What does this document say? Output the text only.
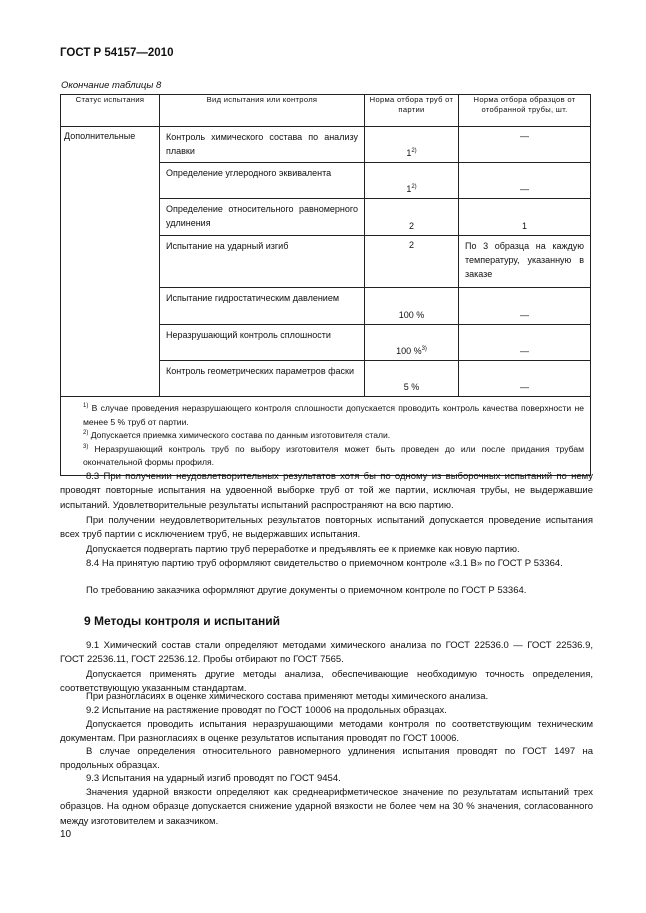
ГОСТ Р 54157—2010
Окончание таблицы 8
Статус испытания	Вид испытания или контроля	Норма отбора труб от партии	Норма отбора образцов от отобранной трубы, шт.
Дополнительные	Контроль химического состава по анализу плавки	1$^{2)}$	—
	Определение углеродного эквивалента	1$^{2)}$	—
	Определение относительного равномерного удлинения	2	1
	Испытание на ударный изгиб	2	По 3 образца на каждую температуру, указанную в заказе
	Испытание гидростатическим давлением	100 %	—
	Неразрушающий контроль сплошности	100 %$^{3)}$	—
	Контроль геометрических параметров фаски	5 %	—

$^{1)}$ В случае проведения неразрушающего контроля сплошности допускается проводить контроль качества поверхности не менее 5 % труб от партии.
$^{2)}$ Допускается приемка химического состава по данным изготовителя стали.
$^{3)}$ Неразрушающий контроль труб по выбору изготовителя может быть проведен до или после придания трубам окончательной формы профиля.			
8.3 При получении неудовлетворительных результатов хотя бы по одному из выборочных испытаний по нему проводят повторные испытания на удвоенной выборке труб от той же партии, исключая трубы, не выдержавшие испытаний. Удовлетворительные результаты испытаний распространяют на всю партию.
При получении неудовлетворительных результатов повторных испытаний допускается проведение испытания всех труб партии с исключением труб, не выдержавших испытания.
Допускается подвергать партию труб переработке и предъявлять ее к приемке как новую партию.
8.4 На принятую партию труб оформляют свидетельство о приемочном контроле «3.1 В» по ГОСТ Р 53364.
По требованию заказчика оформляют другие документы о приемочном контроле по ГОСТ Р 53364.
9 Методы контроля и испытаний
9.1 Химический состав стали определяют методами химического анализа по ГОСТ 22536.0 — ГОСТ 22536.9, ГОСТ 22536.11, ГОСТ 22536.12. Пробы отбирают по ГОСТ 7565.
Допускается применять другие методы анализа, обеспечивающие необходимую точность определения, соответствующую указанным стандартам.
При разногласиях в оценке химического состава применяют методы химического анализа.
9.2 Испытание на растяжение проводят по ГОСТ 10006 на продольных образцах.
Допускается проводить испытания неразрушающими методами контроля по соответствующим техническим документам. При разногласиях в оценке результатов испытания проводят по ГОСТ 10006.
В случае определения относительного равномерного удлинения испытания проводят по ГОСТ 1497 на продольных образцах.
9.3 Испытания на ударный изгиб проводят по ГОСТ 9454.
Значения ударной вязкости определяют как среднеарифметическое значение по результатам испытаний трех образцов. На одном образце допускается снижение ударной вязкости не более чем на 30 % значения, согласованного между изготовителем и заказчиком.
10
